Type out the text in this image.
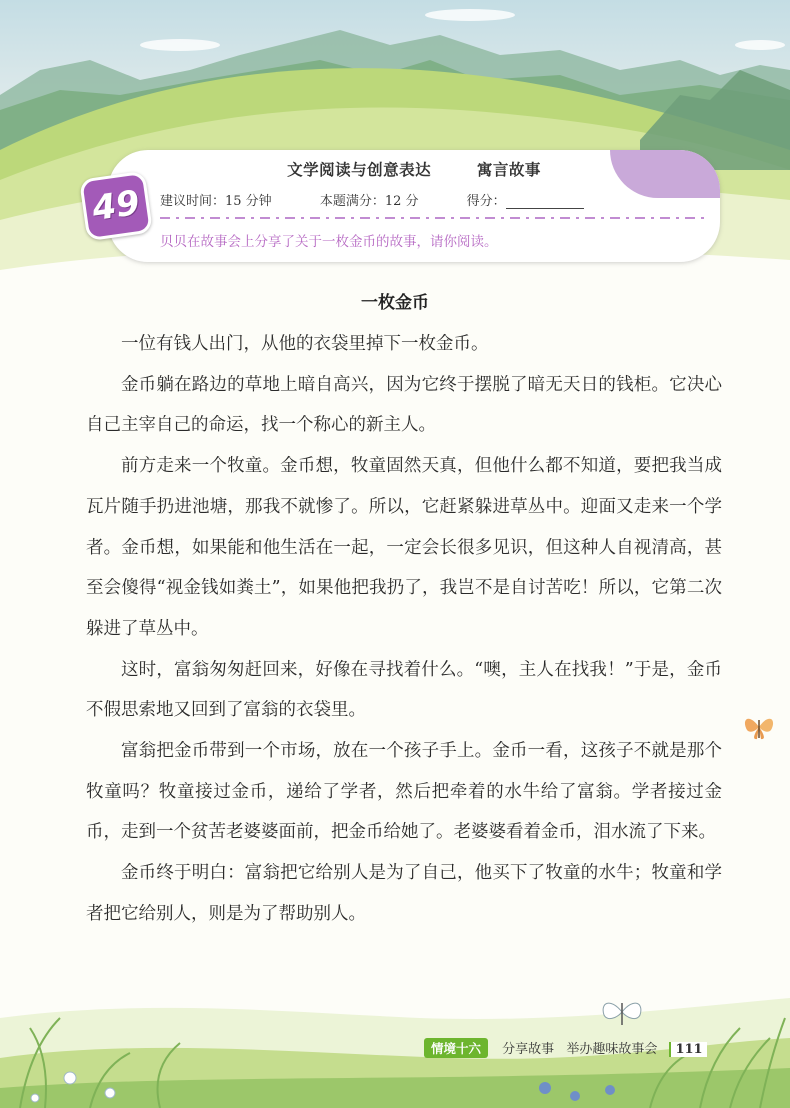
文学阅读与创意表达	寓言故事
建议时间：15 分钟	本题满分：12 分	得分：
贝贝在故事会上分享了关于一枚金币的故事，请你阅读。
49
一枚金币

一位有钱人出门，从他的衣袋里掉下一枚金币。

金币躺在路边的草地上暗自高兴，因为它终于摆脱了暗无天日的钱柜。它决心自己主宰自己的命运，找一个称心的新主人。

前方走来一个牧童。金币想，牧童固然天真，但他什么都不知道，要把我当成瓦片随手扔进池塘，那我不就惨了。所以，它赶紧躲进草丛中。迎面又走来一个学者。金币想，如果能和他生活在一起，一定会长很多见识，但这种人自视清高，甚至会傻得“视金钱如粪土”，如果他把我扔了，我岂不是自讨苦吃！所以，它第二次躲进了草丛中。

这时，富翁匆匆赶回来，好像在寻找着什么。“噢，主人在找我！”于是，金币不假思索地又回到了富翁的衣袋里。

富翁把金币带到一个市场，放在一个孩子手上。金币一看，这孩子不就是那个牧童吗？牧童接过金币，递给了学者，然后把牵着的水牛给了富翁。学者接过金币，走到一个贫苦老婆婆面前，把金币给她了。老婆婆看着金币，泪水流了下来。

金币终于明白：富翁把它给别人是为了自己，他买下了牧童的水牛；牧童和学者把它给别人，则是为了帮助别人。

情境十六 分享故事 举办趣味故事会 111
